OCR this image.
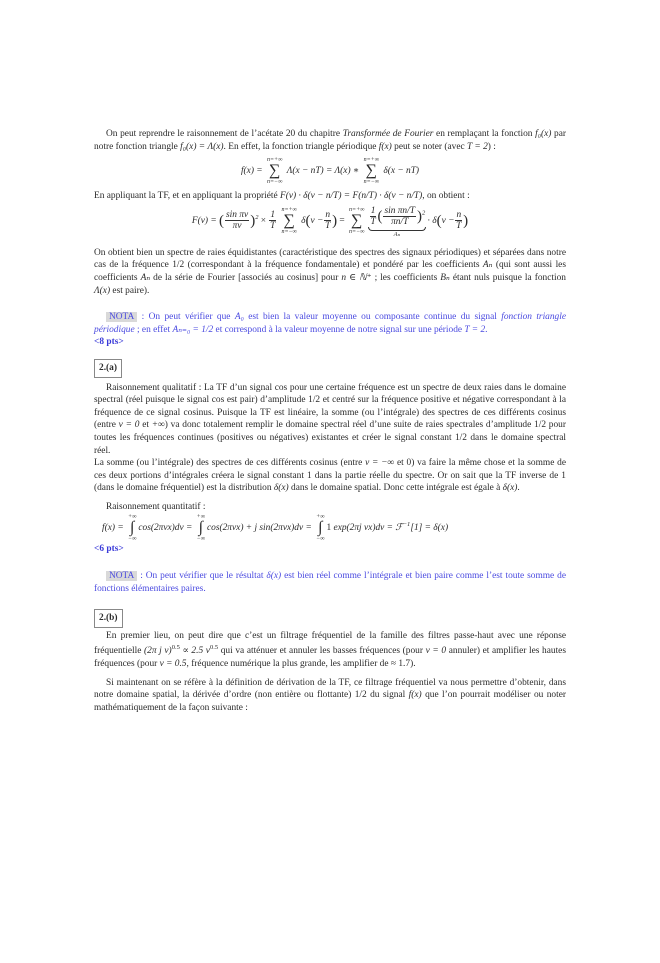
On peut reprendre le raisonnement de l’acétate 20 du chapitre Transformée de Fourier en remplaçant la fonction f₀(x) par notre fonction triangle f₀(x) = Λ(x). En effet, la fonction triangle périodique f(x) peut se noter (avec T = 2) :

f(x) =
n=+∞
∑
n=−∞
Λ(x − nT) = Λ(x) ∗
n=+∞
∑
n=−∞
δ(x − nT)

En appliquant la TF, et en appliquant la propriété F(ν) · δ(ν − n/T) = F(n/T) · δ(ν − n/T), on obtient :

F(ν) = ( $\frac{\text{sin πν}}{\pi\nu} )^2 \times \frac{1}{T}$

n=+∞
∑
n=−∞
$\delta(\nu - \frac{n}{T}$ ) =
n=+∞
∑
n=−∞

$\frac{1}{T}$ ( $\frac{\text{sin πn/T}}{\pi n/T} )^2$
Aₙ
· $\delta(\nu - \frac{n}{T}$ )

On obtient bien un spectre de raies équidistantes (caractéristique des spectres des signaux périodiques) et séparées dans notre cas de la fréquence 1/2 (correspondant à la fréquence fondamentale) et pondéré par les coefficients Aₙ (qui sont aussi les coefficients Aₙ de la série de Fourier [associés au cosinus] pour n ∈ ℕ⁺ ; les coefficients Bₙ étant nuls puisque la fonction Λ(x) est paire).

NOTA : On peut vérifier que A₀ est bien la valeur moyenne ou composante continue du signal fonction triangle périodique ; en effet Aₙ₌₀ = 1/2 et correspond à la valeur moyenne de notre signal sur une période T = 2.

<8 pts>
2.(a)

Raisonnement qualitatif : La TF d’un signal cos pour une certaine fréquence est un spectre de deux raies dans le domaine spectral (réel puisque le signal cos est pair) d’amplitude 1/2 et centré sur la fréquence positive et négative correspondant à la fréquence de ce signal cosinus. Puisque la TF est linéaire, la somme (ou l’intégrale) des spectres de ces différents cosinus (entre ν = 0 et +∞) va donc totalement remplir le domaine spectral réel d’une suite de raies spectrales d’amplitude 1/2 pour toutes les fréquences continues (positives ou négatives) existantes et créer le signal constant 1/2 dans le domaine spectral réel.

La somme (ou l’intégrale) des spectres de ces différents cosinus (entre ν = −∞ et 0) va faire la même chose et la somme de ces deux portions d’intégrales créera le signal constant 1 dans la partie réelle du spectre. Or on sait que la TF inverse de 1 (dans le domaine fréquentiel) est la distribution δ(x) dans le domaine spatial. Donc cette intégrale est égale à δ(x).

Raisonnement quantitatif :

f(x) =
+∞
∫
−∞
cos(2πνx)dν =
+∞
∫
−∞
cos(2πνx) + j sin(2πνx)dν =
+∞
∫
−∞
1 exp(2πj νx)dν = ℱ$^{-1}$[1] = δ(x)
<6 pts>

NOTA : On peut vérifier que le résultat δ(x) est bien réel comme l’intégrale et bien paire comme l’est toute somme de fonctions élémentaires paires.

2.(b)

En premier lieu, on peut dire que c’est un filtrage fréquentiel de la famille des filtres passe-haut avec une réponse fréquentielle (2π j ν)$^{0.5}$ ∝ 2.5 $\nu^{0.5}$ qui va atténuer et annuler les basses fréquences (pour ν = 0 annuler) et amplifier les hautes fréquences (pour ν = 0.5, fréquence numérique la plus grande, les amplifier de ≈ 1.7).

Si maintenant on se réfère à la définition de dérivation de la TF, ce filtrage fréquentiel va nous permettre d’obtenir, dans notre domaine spatial, la dérivée d’ordre (non entière ou flottante) 1/2 du signal f(x) que l’on pourrait modéliser ou noter mathématiquement de la façon suivante :
